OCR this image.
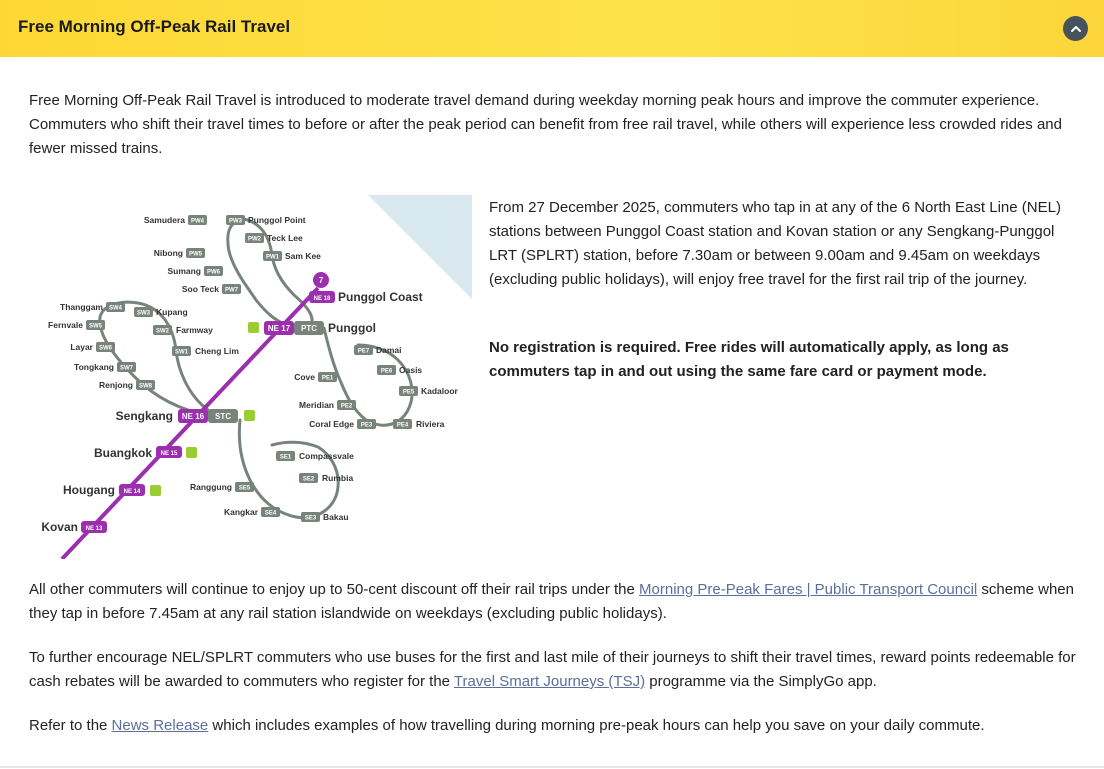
Free Morning Off-Peak Rail Travel

Free Morning Off-Peak Rail Travel is introduced to moderate travel demand during weekday morning peak hours and improve the commuter experience. Commuters who shift their travel times to before or after the peak period can benefit from free rail travel, while others will experience less crowded rides and fewer missed trains.

7
NE 18 Punggol Coast
NE 17 PTC Punggol
NE 16 STC
Sengkang
NE 15
Buangkok
NE 14
Hougang
NE 13
Kovan
PW4
Samudera	PW3 Punggol Point
PW2 Teck Lee
PW1 Sam Kee
PW5
Nibong
PW6
Sumang
PW7
Soo Teck
SW4
Thanggam
SW3 Kupang
SW5
Fernvale
SW2 Farmway
SW6
Layar
SW1 Cheng Lim
SW7
Tongkang
SW8
Renjong
PE7 Damai
PE6 Oasis
PE1
Cove
PE5 Kadaloor
PE2
Meridian
PE3
Coral Edge	PE4 Riviera
SE1 Compassvale
SE2 Rumbia
SE5
Ranggung
SE4
Kangkar
SE3 Bakau

From 27 December 2025, commuters who tap in at any of the 6 North East Line (NEL) stations between Punggol Coast station and Kovan station or any Sengkang-Punggol LRT (SPLRT) station, before 7.30am or between 9.00am and 9.45am on weekdays (excluding public holidays), will enjoy free travel for the first rail trip of the journey.

No registration is required. Free rides will automatically apply, as long as commuters tap in and out using the same fare card or payment mode.

All other commuters will continue to enjoy up to 50-cent discount off their rail trips under the Morning Pre-Peak Fares | Public Transport Council scheme when they tap in before 7.45am at any rail station islandwide on weekdays (excluding public holidays).

To further encourage NEL/SPLRT commuters who use buses for the first and last mile of their journeys to shift their travel times, reward points redeemable for cash rebates will be awarded to commuters who register for the Travel Smart Journeys (TSJ) programme via the SimplyGo app.

Refer to the News Release which includes examples of how travelling during morning pre-peak hours can help you save on your daily commute.
